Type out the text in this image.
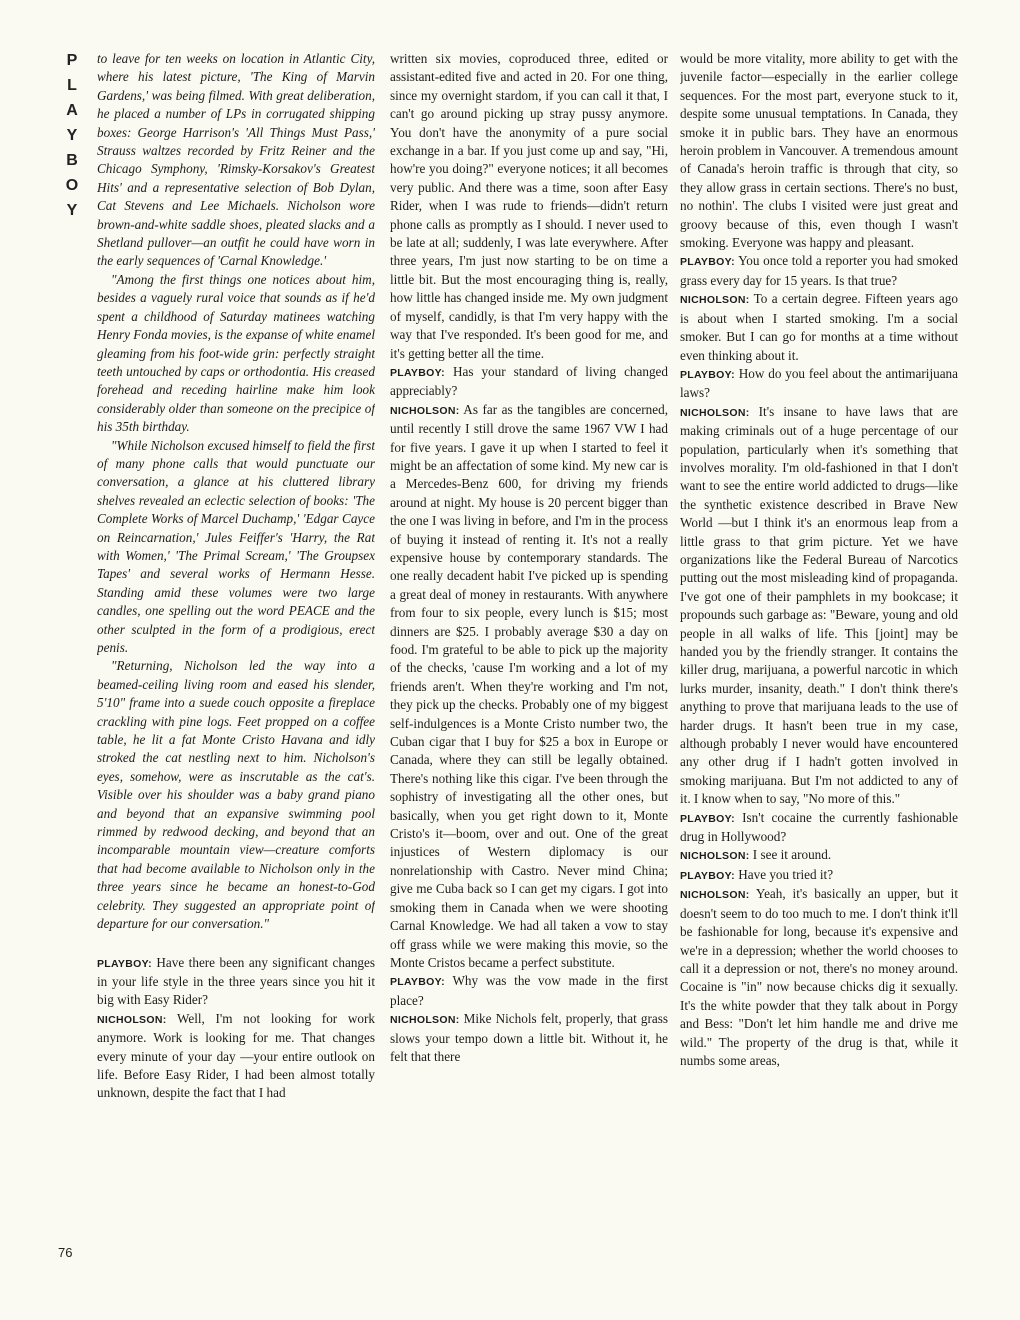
P
L
A
Y
B
O
Y
76

to leave for ten weeks on location in Atlantic City, where his latest picture, 'The King of Marvin Gardens,' was being filmed. With great deliberation, he placed a number of LPs in corrugated shipping boxes: George Harrison's 'All Things Must Pass,' Strauss waltzes recorded by Fritz Reiner and the Chicago Symphony, 'Rimsky-Korsakov's Greatest Hits' and a representative selection of Bob Dylan, Cat Stevens and Lee Michaels. Nicholson wore brown-and-white saddle shoes, pleated slacks and a Shetland pullover—an outfit he could have worn in the early sequences of 'Carnal Knowledge.'

"Among the first things one notices about him, besides a vaguely rural voice that sounds as if he'd spent a childhood of Saturday matinees watching Henry Fonda movies, is the expanse of white enamel gleaming from his foot-wide grin: perfectly straight teeth untouched by caps or orthodontia. His creased forehead and receding hairline make him look considerably older than someone on the precipice of his 35th birthday.

"While Nicholson excused himself to field the first of many phone calls that would punctuate our conversation, a glance at his cluttered library shelves revealed an eclectic selection of books: 'The Complete Works of Marcel Duchamp,' 'Edgar Cayce on Reincarnation,' Jules Feiffer's 'Harry, the Rat with Women,' 'The Primal Scream,' 'The Groupsex Tapes' and several works of Hermann Hesse. Standing amid these volumes were two large candles, one spelling out the word PEACE and the other sculpted in the form of a prodigious, erect penis.

"Returning, Nicholson led the way into a beamed-ceiling living room and eased his slender, 5'10" frame into a suede couch opposite a fireplace crackling with pine logs. Feet propped on a coffee table, he lit a fat Monte Cristo Havana and idly stroked the cat nestling next to him. Nicholson's eyes, somehow, were as inscrutable as the cat's. Visible over his shoulder was a baby grand piano and beyond that an expansive swimming pool rimmed by redwood decking, and beyond that an incomparable mountain view—creature comforts that had become available to Nicholson only in the three years since he became an honest-to-God celebrity. They suggested an appropriate point of departure for our conversation."

PLAYBOY: Have there been any significant changes in your life style in the three years since you hit it big with Easy Rider?

NICHOLSON: Well, I'm not looking for work anymore. Work is looking for me. That changes every minute of your day —your entire outlook on life. Before Easy Rider, I had been almost totally unknown, despite the fact that I had

written six movies, coproduced three, edited or assistant-edited five and acted in 20. For one thing, since my overnight stardom, if you can call it that, I can't go around picking up stray pussy anymore. You don't have the anonymity of a pure social exchange in a bar. If you just come up and say, "Hi, how're you doing?" everyone notices; it all becomes very public. And there was a time, soon after Easy Rider, when I was rude to friends—didn't return phone calls as promptly as I should. I never used to be late at all; suddenly, I was late everywhere. After three years, I'm just now starting to be on time a little bit. But the most encouraging thing is, really, how little has changed inside me. My own judgment of myself, candidly, is that I'm very happy with the way that I've responded. It's been good for me, and it's getting better all the time.

PLAYBOY: Has your standard of living changed appreciably?

NICHOLSON: As far as the tangibles are concerned, until recently I still drove the same 1967 VW I had for five years. I gave it up when I started to feel it might be an affectation of some kind. My new car is a Mercedes-Benz 600, for driving my friends around at night. My house is 20 percent bigger than the one I was living in before, and I'm in the process of buying it instead of renting it. It's not a really expensive house by contemporary standards. The one really decadent habit I've picked up is spending a great deal of money in restaurants. With anywhere from four to six people, every lunch is $15; most dinners are $25. I probably average $30 a day on food. I'm grateful to be able to pick up the majority of the checks, 'cause I'm working and a lot of my friends aren't. When they're working and I'm not, they pick up the checks. Probably one of my biggest self-indulgences is a Monte Cristo number two, the Cuban cigar that I buy for $25 a box in Europe or Canada, where they can still be legally obtained. There's nothing like this cigar. I've been through the sophistry of investigating all the other ones, but basically, when you get right down to it, Monte Cristo's it—boom, over and out. One of the great injustices of Western diplomacy is our nonrelationship with Castro. Never mind China; give me Cuba back so I can get my cigars. I got into smoking them in Canada when we were shooting Carnal Knowledge. We had all taken a vow to stay off grass while we were making this movie, so the Monte Cristos became a perfect substitute.

PLAYBOY: Why was the vow made in the first place?

NICHOLSON: Mike Nichols felt, properly, that grass slows your tempo down a little bit. Without it, he felt that there

would be more vitality, more ability to get with the juvenile factor—especially in the earlier college sequences. For the most part, everyone stuck to it, despite some unusual temptations. In Canada, they smoke it in public bars. They have an enormous heroin problem in Vancouver. A tremendous amount of Canada's heroin traffic is through that city, so they allow grass in certain sections. There's no bust, no nothin'. The clubs I visited were just great and groovy because of this, even though I wasn't smoking. Everyone was happy and pleasant.

PLAYBOY: You once told a reporter you had smoked grass every day for 15 years. Is that true?

NICHOLSON: To a certain degree. Fifteen years ago is about when I started smoking. I'm a social smoker. But I can go for months at a time without even thinking about it.

PLAYBOY: How do you feel about the antimarijuana laws?

NICHOLSON: It's insane to have laws that are making criminals out of a huge percentage of our population, particularly when it's something that involves morality. I'm old-fashioned in that I don't want to see the entire world addicted to drugs—like the synthetic existence described in Brave New World —but I think it's an enormous leap from a little grass to that grim picture. Yet we have organizations like the Federal Bureau of Narcotics putting out the most misleading kind of propaganda. I've got one of their pamphlets in my bookcase; it propounds such garbage as: "Beware, young and old people in all walks of life. This [joint] may be handed you by the friendly stranger. It contains the killer drug, marijuana, a powerful narcotic in which lurks murder, insanity, death." I don't think there's anything to prove that marijuana leads to the use of harder drugs. It hasn't been true in my case, although probably I never would have encountered any other drug if I hadn't gotten involved in smoking marijuana. But I'm not addicted to any of it. I know when to say, "No more of this."

PLAYBOY: Isn't cocaine the currently fashionable drug in Hollywood?

NICHOLSON: I see it around.

PLAYBOY: Have you tried it?

NICHOLSON: Yeah, it's basically an upper, but it doesn't seem to do too much to me. I don't think it'll be fashionable for long, because it's expensive and we're in a depression; whether the world chooses to call it a depression or not, there's no money around. Cocaine is "in" now because chicks dig it sexually. It's the white powder that they talk about in Porgy and Bess: "Don't let him handle me and drive me wild." The property of the drug is that, while it numbs some areas,
